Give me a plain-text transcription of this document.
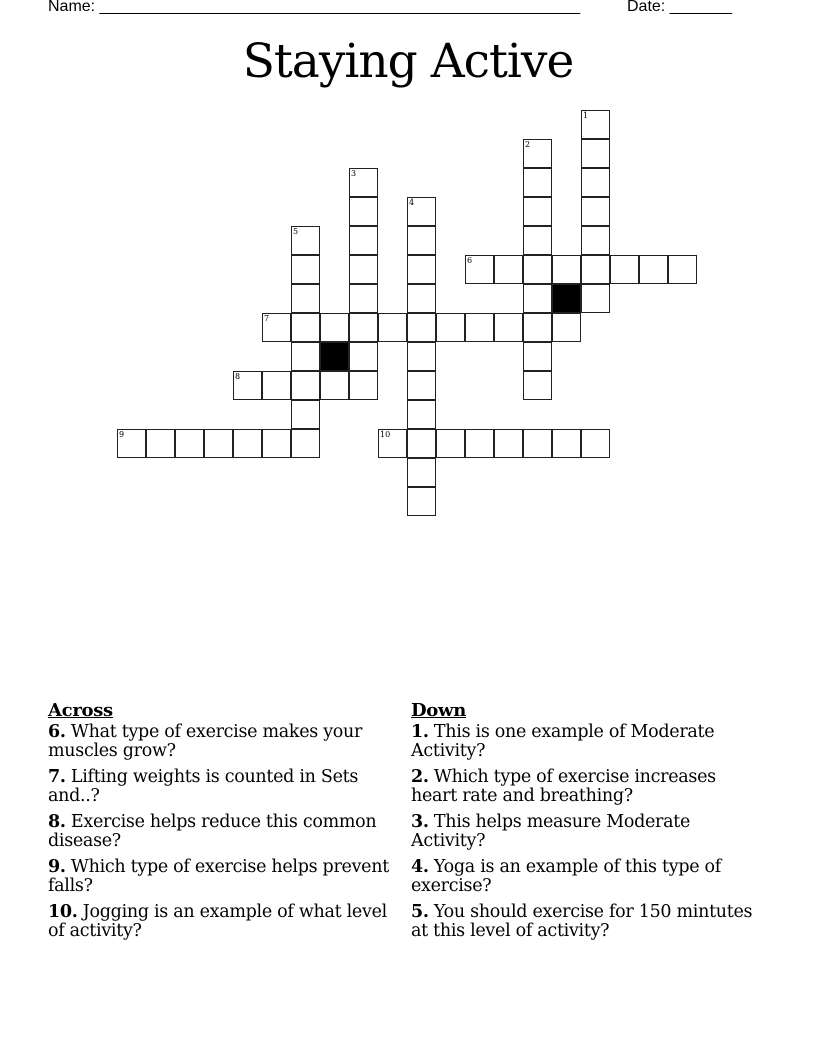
Name: ______________________________________________________	Date: _______
Staying Active
1
2
3
4
5
6
7
8
9	10
Across
6. What type of exercise makes your muscles grow?
7. Lifting weights is counted in Sets and..?
8. Exercise helps reduce this common disease?
9. Which type of exercise helps prevent falls?
10. Jogging is an example of what level of activity?
Down
1. This is one example of Moderate Activity?
2. Which type of exercise increases heart rate and breathing?
3. This helps measure Moderate Activity?
4. Yoga is an example of this type of exercise?
5. You should exercise for 150 mintutes at this level of activity?
